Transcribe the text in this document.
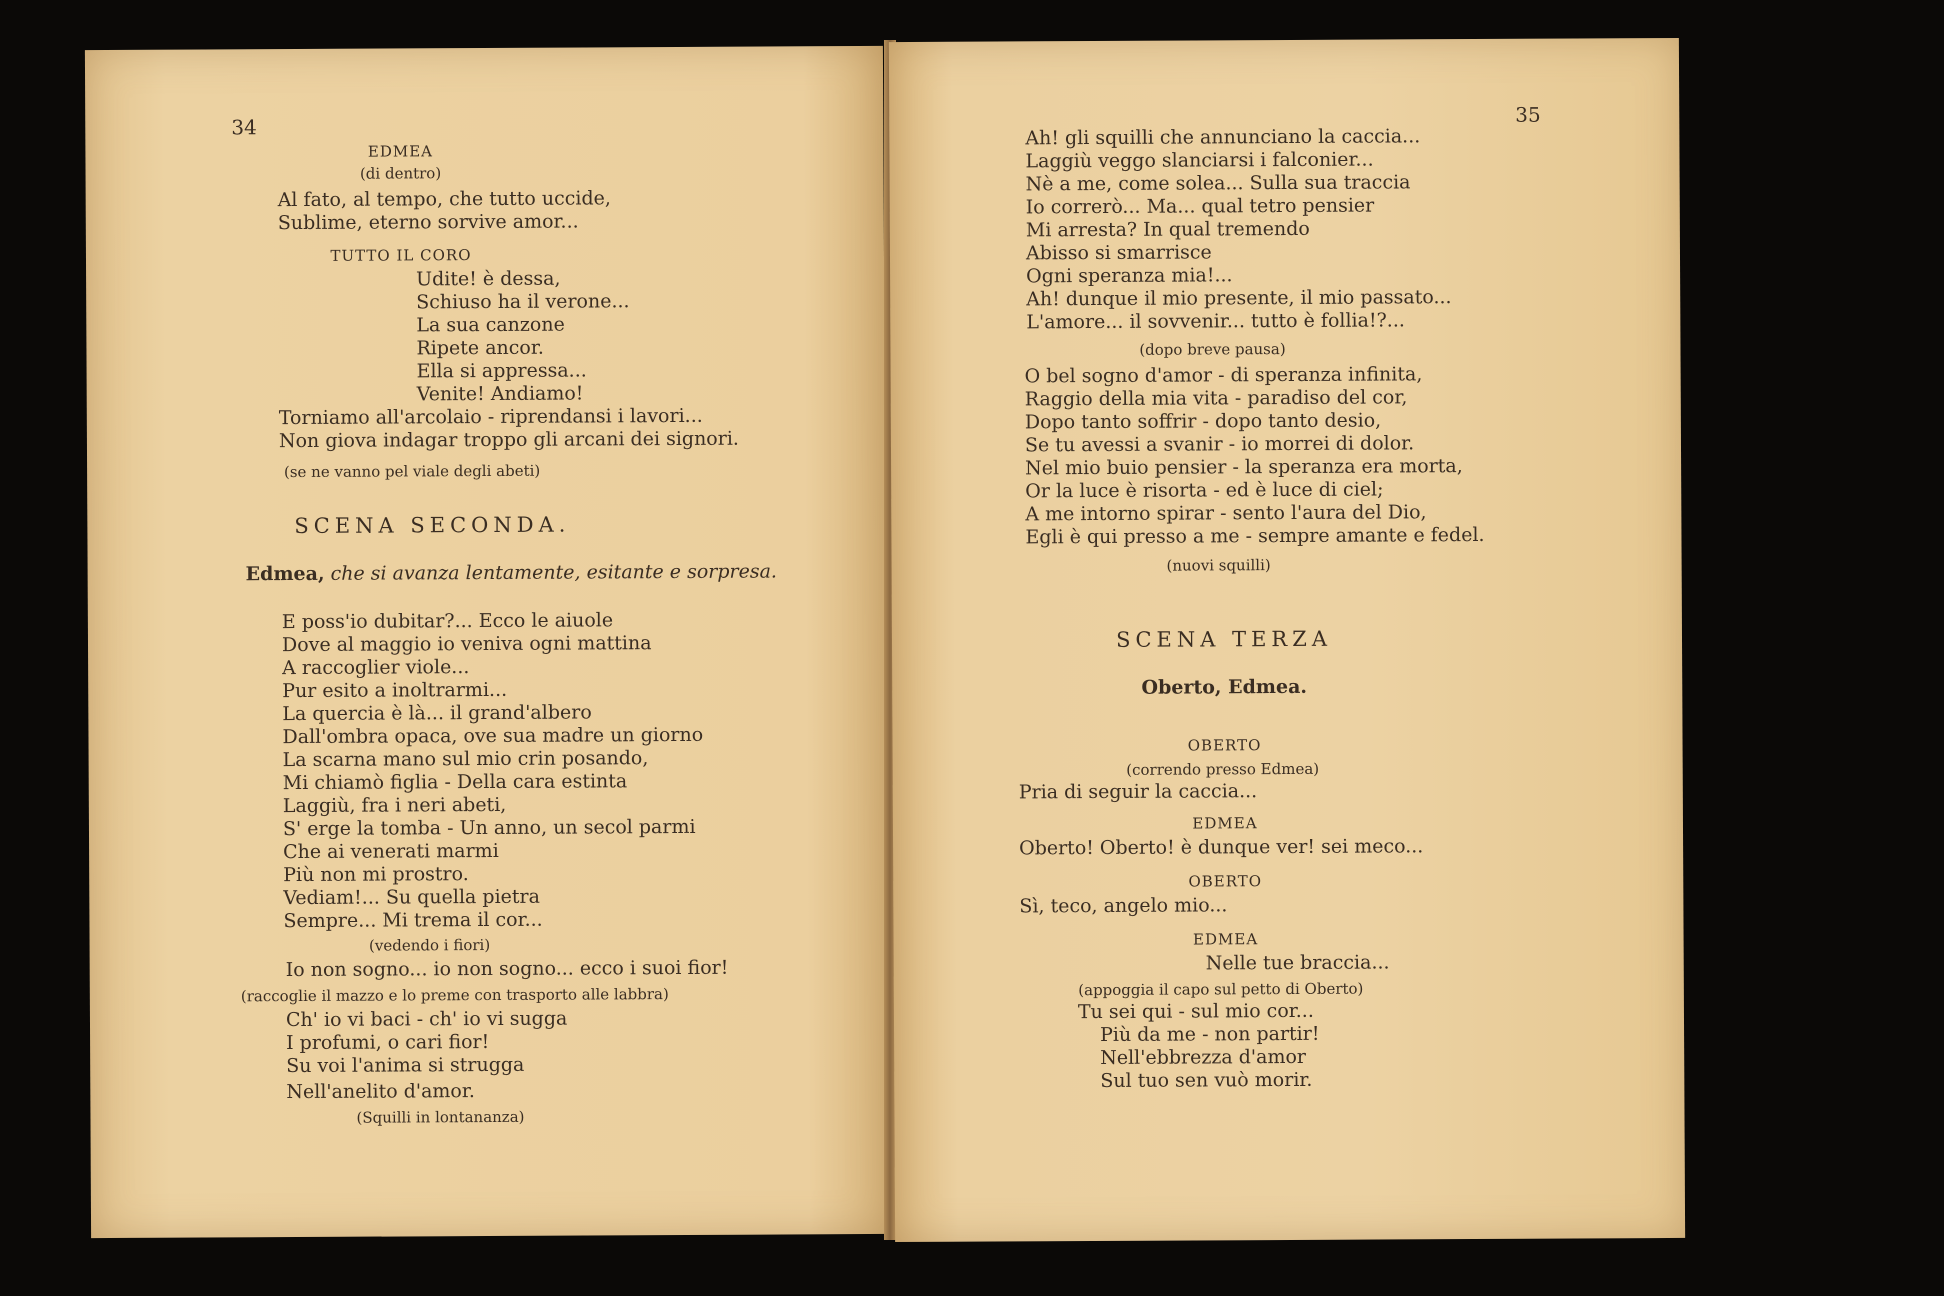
34
EDMEA
(di dentro)
Al fato, al tempo, che tutto uccide,
Sublime, eterno sorvive amor...
TUTTO IL CORO
Udite! è dessa,
Schiuso ha il verone...
La sua canzone
Ripete ancor.
Ella si appressa...
Venite! Andiamo!
Torniamo all'arcolaio - riprendansi i lavori...
Non giova indagar troppo gli arcani dei signori.
(se ne vanno pel viale degli abeti)
SCENA SECONDA.
Edmea, che si avanza lentamente, esitante e sorpresa.
E poss'io dubitar?... Ecco le aiuole
Dove al maggio io veniva ogni mattina
A raccoglier viole...
Pur esito a inoltrarmi...
La quercia è là... il grand'albero
Dall'ombra opaca, ove sua madre un giorno
La scarna mano sul mio crin posando,
Mi chiamò figlia - Della cara estinta
Laggiù, fra i neri abeti,
S' erge la tomba - Un anno, un secol parmi
Che ai venerati marmi
Più non mi prostro.
Vediam!... Su quella pietra
Sempre... Mi trema il cor...
(vedendo i fiori)
Io non sogno... io non sogno... ecco i suoi fior!
(raccoglie il mazzo e lo preme con trasporto alle labbra)
Ch' io vi baci - ch' io vi sugga
I profumi, o cari fior!
Su voi l'anima si strugga
Nell'anelito d'amor.
(Squilli in lontananza)
35
Ah! gli squilli che annunciano la caccia...
Laggiù veggo slanciarsi i falconier...
Nè a me, come solea... Sulla sua traccia
Io correrò... Ma... qual tetro pensier
Mi arresta? In qual tremendo
Abisso si smarrisce
Ogni speranza mia!...
Ah! dunque il mio presente, il mio passato...
L'amore... il sovvenir... tutto è follia!?...
(dopo breve pausa)
O bel sogno d'amor - di speranza infinita,
Raggio della mia vita - paradiso del cor,
Dopo tanto soffrir - dopo tanto desio,
Se tu avessi a svanir - io morrei di dolor.
Nel mio buio pensier - la speranza era morta,
Or la luce è risorta - ed è luce di ciel;
A me intorno spirar - sento l'aura del Dio,
Egli è qui presso a me - sempre amante e fedel.
(nuovi squilli)
SCENA TERZA
Oberto, Edmea.
OBERTO
(correndo presso Edmea)
Pria di seguir la caccia...
EDMEA
Oberto! Oberto! è dunque ver! sei meco...
OBERTO
Sì, teco, angelo mio...
EDMEA
Nelle tue braccia...
(appoggia il capo sul petto di Oberto)
Tu sei qui - sul mio cor...
Più da me - non partir!
Nell'ebbrezza d'amor
Sul tuo sen vuò morir.
